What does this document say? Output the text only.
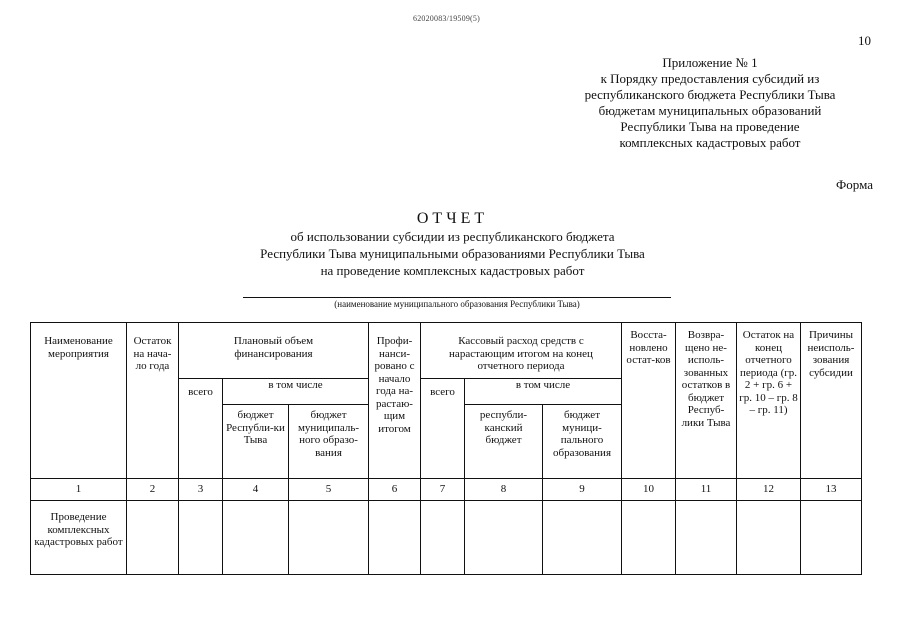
62020083/19509(5)
10
Приложение № 1
к Порядку предоставления субсидий из
республиканского бюджета Республики Тыва
бюджетам муниципальных образований
Республики Тыва на проведение
комплексных кадастровых работ
Форма
ОТЧЕТ
об использовании субсидии из республиканского бюджета
Республики Тыва муниципальными образованиями Республики Тыва
на проведение комплексных кадастровых работ
(наименование муниципального образования Республики Тыва)
Наименование мероприятия	Остаток на нача-ло года	Плановый объем финансирования			Профи-нанси-ровано с начало года на-растаю-щим итогом	Кассовый расход средств с нарастающим итогом на конец отчетного периода			Восста-новлено остат-ков	Возвра-щено не-исполь-зованных остатков в бюджет Респуб-лики Тыва	Остаток на конец отчетного периода (гр. 2 + гр. 6 + гр. 10 – гр. 8 – гр. 11)	Причины неисполь-зования субсидии

		всего	в том числе			всего	в том числе					

			бюджет Республи-ки Тыва	бюджет муниципаль-ного образо-вания			республи-канский бюджет	бюджет муници-пального образования				

1	2	3	4	5	6	7	8	9	10	11	12	13

Проведение комплексных кадастровых работ												
